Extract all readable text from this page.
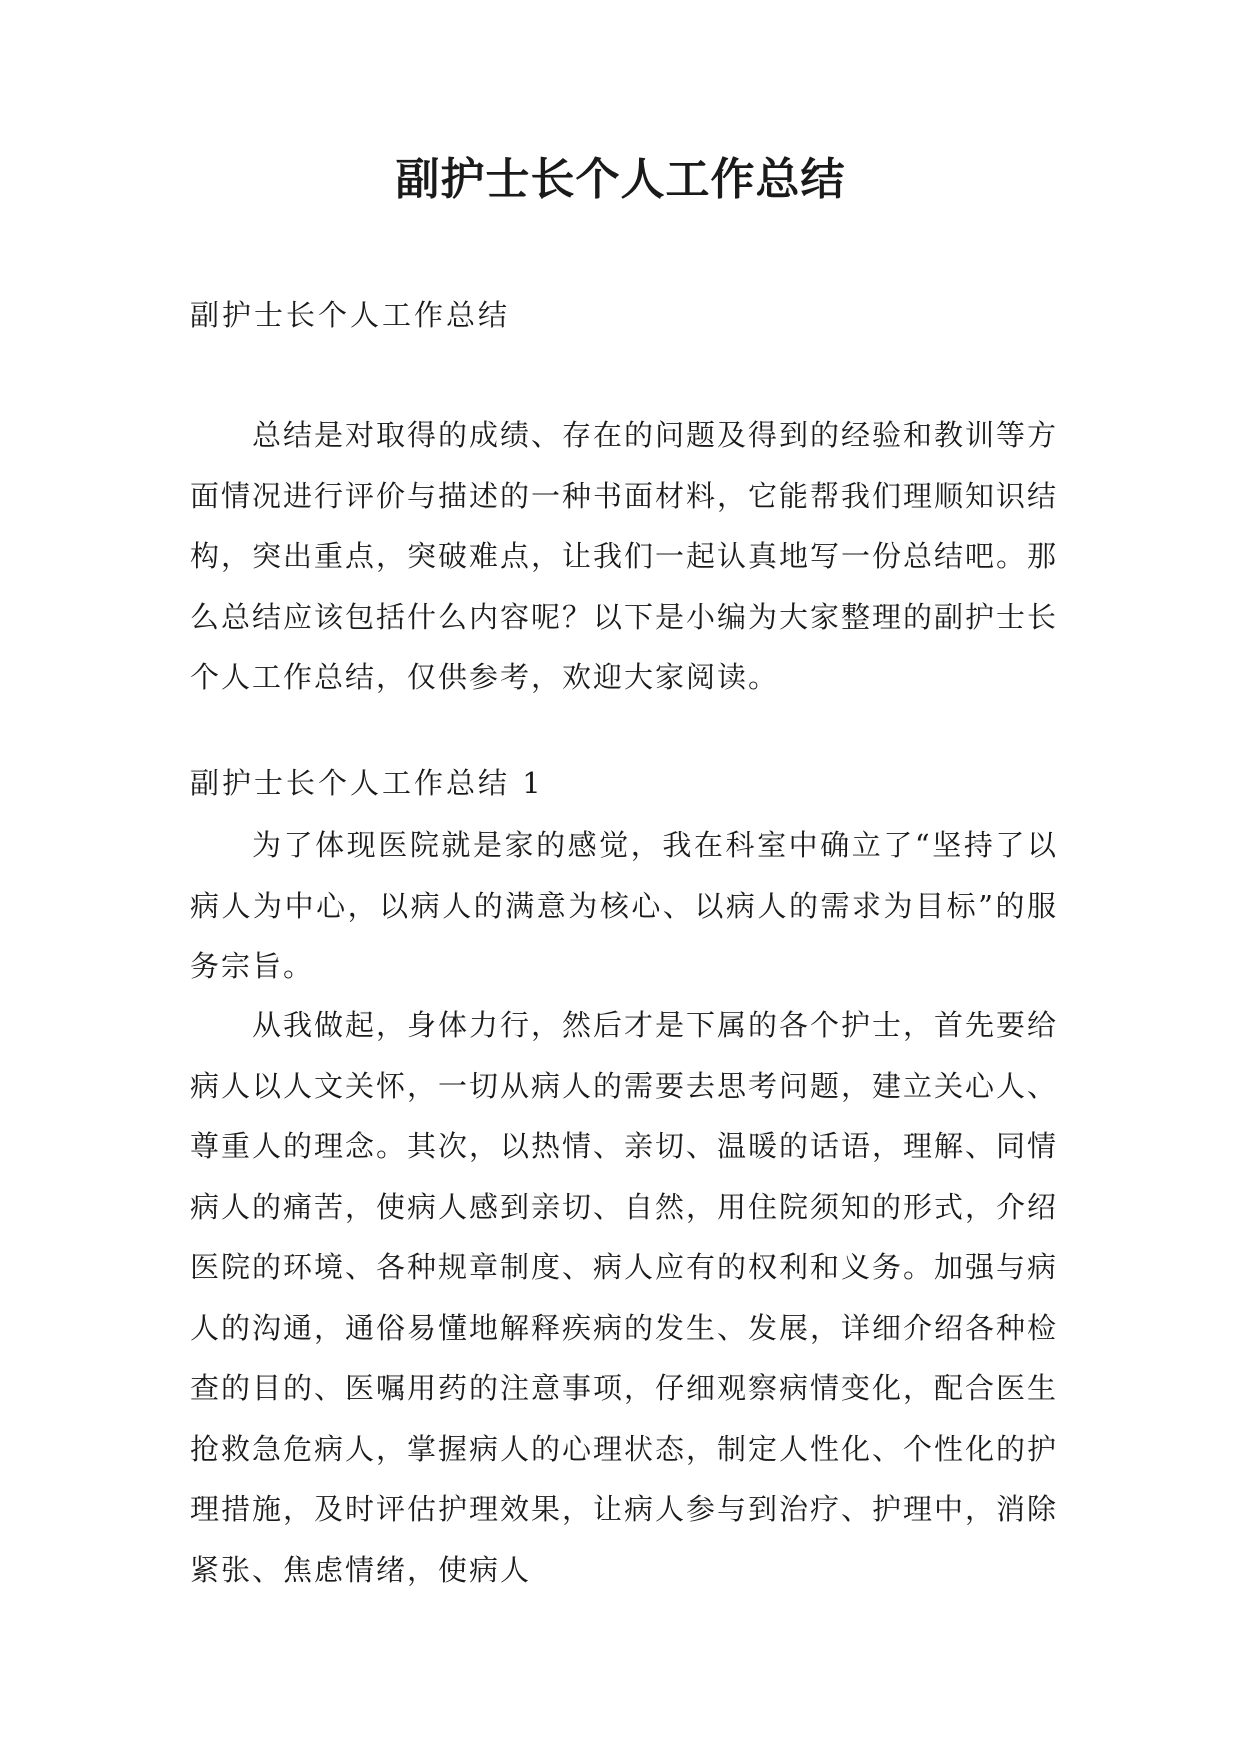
副护士长个人工作总结

副护士长个人工作总结

总结是对取得的成绩、存在的问题及得到的经验和教训等方面情况进行评价与描述的一种书面材料，它能帮我们理顺知识结构，突出重点，突破难点，让我们一起认真地写一份总结吧。那么总结应该包括什么内容呢？以下是小编为大家整理的副护士长个人工作总结，仅供参考，欢迎大家阅读。

副护士长个人工作总结 1

为了体现医院就是家的感觉，我在科室中确立了“坚持了以病人为中心，以病人的满意为核心、以病人的需求为目标”的服务宗旨。

从我做起，身体力行，然后才是下属的各个护士，首先要给病人以人文关怀，一切从病人的需要去思考问题，建立关心人、尊重人的理念。其次，以热情、亲切、温暖的话语，理解、同情病人的痛苦，使病人感到亲切、自然，用住院须知的形式，介绍医院的环境、各种规章制度、病人应有的权利和义务。加强与病人的沟通，通俗易懂地解释疾病的发生、发展，详细介绍各种检查的目的、医嘱用药的注意事项，仔细观察病情变化，配合医生抢救急危病人，掌握病人的心理状态，制定人性化、个性化的护理措施，及时评估护理效果，让病人参与到治疗、护理中，消除紧张、焦虑情绪，使病人
